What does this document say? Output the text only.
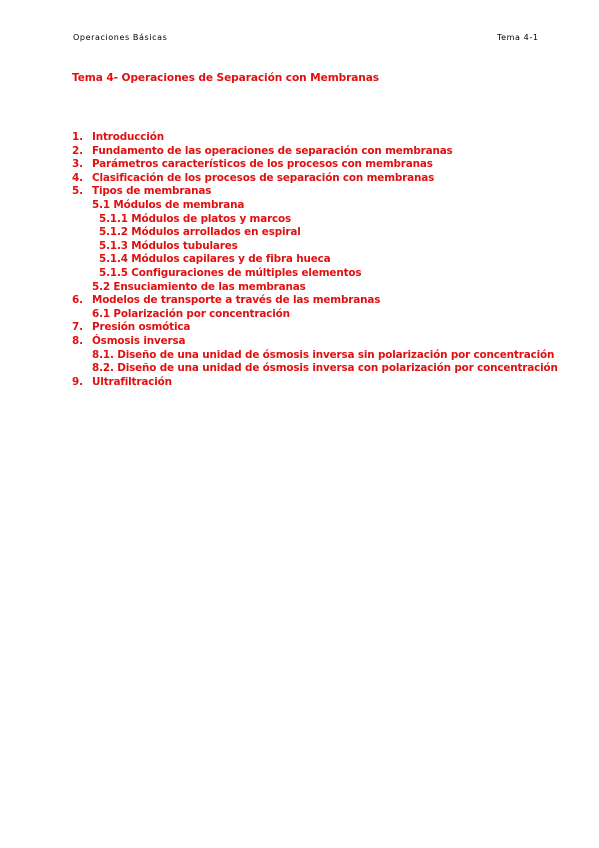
Operaciones Básicas	Tema 4-1
Tema 4- Operaciones de Separación con Membranas
1. Introducción
2. Fundamento de las operaciones de separación con membranas
3. Parámetros característicos de los procesos con membranas
4. Clasificación de los procesos de separación con membranas
5. Tipos de membranas
5.1 Módulos de membrana
5.1.1 Módulos de platos y marcos
5.1.2 Módulos arrollados en espiral
5.1.3 Módulos tubulares
5.1.4 Módulos capilares y de fibra hueca
5.1.5 Configuraciones de múltiples elementos
5.2 Ensuciamiento de las membranas
6. Modelos de transporte a través de las membranas
6.1 Polarización por concentración
7. Presión osmótica
8. Ósmosis inversa
8.1. Diseño de una unidad de ósmosis inversa sin polarización por concentración
8.2. Diseño de una unidad de ósmosis inversa con polarización por concentración
9. Ultrafiltración
